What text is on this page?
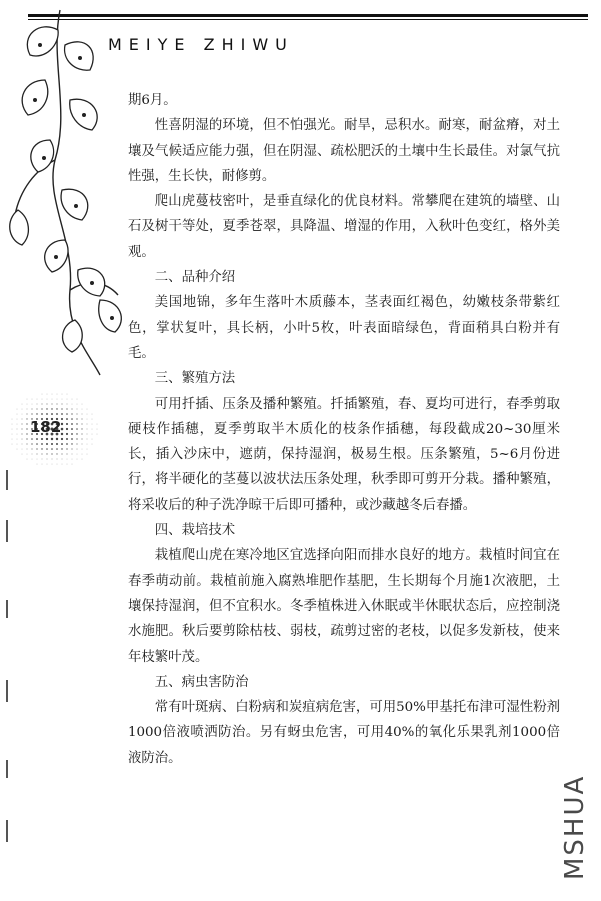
MEIYE ZHIWU
182

期6月。

性喜阴湿的环境，但不怕强光。耐旱，忌积水。耐寒，耐盆瘠，对土壤及气候适应能力强，但在阴湿、疏松肥沃的土壤中生长最佳。对氯气抗性强，生长快，耐修剪。

爬山虎蔓枝密叶，是垂直绿化的优良材料。常攀爬在建筑的墙壁、山石及树干等处，夏季苍翠，具降温、增湿的作用，入秋叶色变红，格外美观。

二、品种介绍

美国地锦，多年生落叶木质藤本，茎表面红褐色，幼嫩枝条带紫红色，掌状复叶，具长柄，小叶5枚，叶表面暗绿色，背面稍具白粉并有毛。

三、繁殖方法

可用扦插、压条及播种繁殖。扦插繁殖，春、夏均可进行，春季剪取硬枝作插穗，夏季剪取半木质化的枝条作插穗，每段截成20~30厘米长，插入沙床中，遮荫，保持湿润，极易生根。压条繁殖，5~6月份进行，将半硬化的茎蔓以波状法压条处理，秋季即可剪开分栽。播种繁殖，将采收后的种子洗净晾干后即可播种，或沙藏越冬后春播。

四、栽培技术

栽植爬山虎在寒冷地区宜选择向阳而排水良好的地方。栽植时间宜在春季萌动前。栽植前施入腐熟堆肥作基肥，生长期每个月施1次液肥，土壤保持湿润，但不宜积水。冬季植株进入休眠或半休眠状态后，应控制浇水施肥。秋后要剪除枯枝、弱枝，疏剪过密的老枝，以促多发新枝，使来年枝繁叶茂。

五、病虫害防治

常有叶斑病、白粉病和炭疽病危害，可用50%甲基托布津可湿性粉剂1000倍液喷洒防治。另有蚜虫危害，可用40%的氧化乐果乳剂1000倍液防治。

MSHUA
